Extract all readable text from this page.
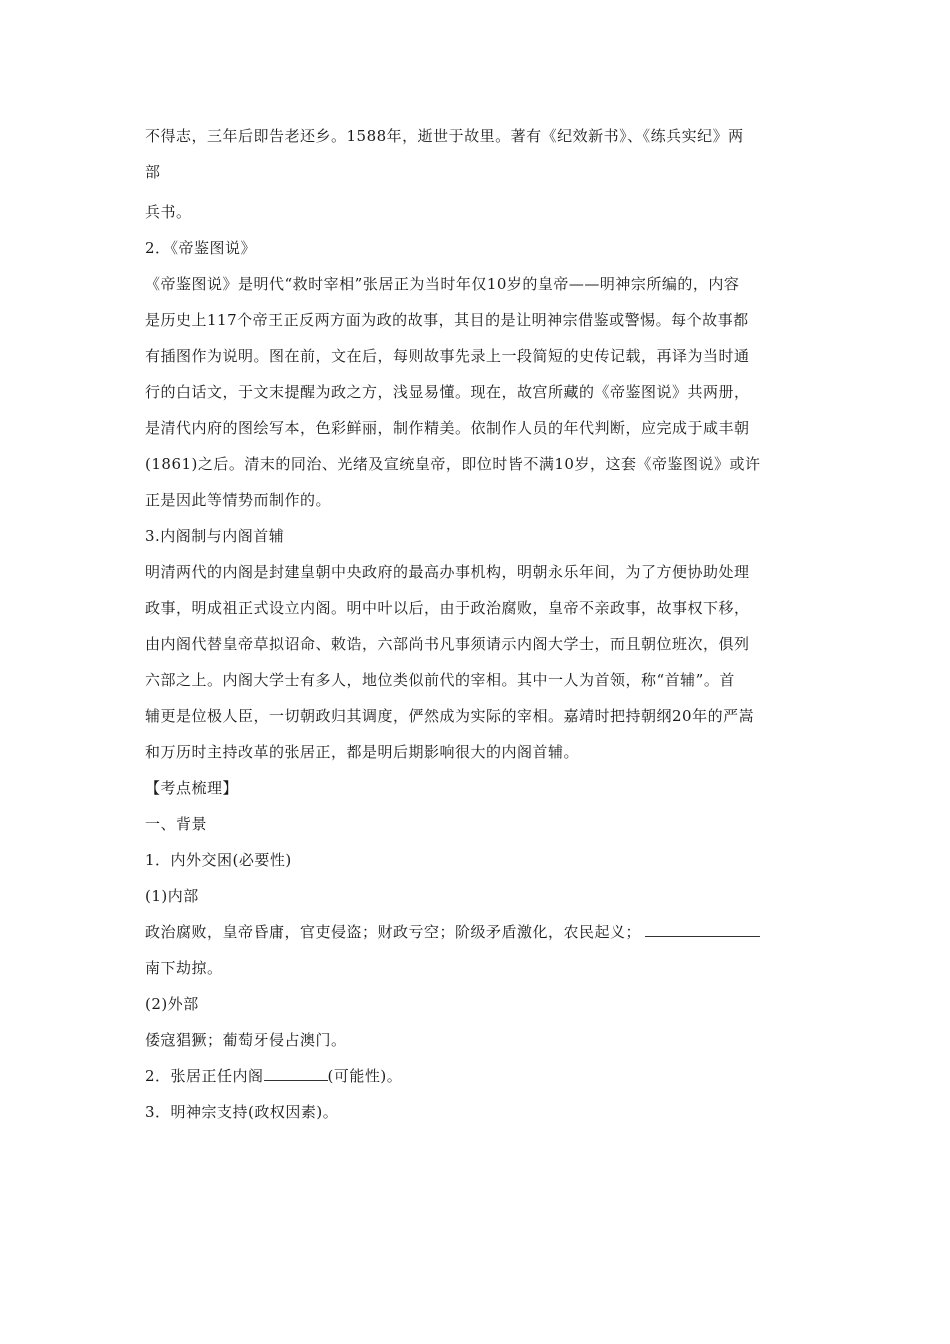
不得志，三年后即告老还乡。1588年，逝世于故里。著有《纪效新书》、《练兵实纪》两
部
兵书。
2．《帝鉴图说》
《帝鉴图说》是明代“救时宰相”张居正为当时年仅10岁的皇帝——明神宗所编的，内容
是历史上117个帝王正反两方面为政的故事，其目的是让明神宗借鉴或警惕。每个故事都
有插图作为说明。图在前，文在后，每则故事先录上一段简短的史传记载，再译为当时通
行的白话文，于文末提醒为政之方，浅显易懂。现在，故宫所藏的《帝鉴图说》共两册，
是清代内府的图绘写本，色彩鲜丽，制作精美。依制作人员的年代判断，应完成于咸丰朝
(1861)之后。清末的同治、光绪及宣统皇帝，即位时皆不满10岁，这套《帝鉴图说》或许
正是因此等情势而制作的。
3.内阁制与内阁首辅
明清两代的内阁是封建皇朝中央政府的最高办事机构，明朝永乐年间，为了方便协助处理
政事，明成祖正式设立内阁。明中叶以后，由于政治腐败，皇帝不亲政事，故事权下移，
由内阁代替皇帝草拟诏命、敕诰，六部尚书凡事须请示内阁大学士，而且朝位班次，俱列
六部之上。内阁大学士有多人，地位类似前代的宰相。其中一人为首领，称“首辅”。首
辅更是位极人臣，一切朝政归其调度，俨然成为实际的宰相。嘉靖时把持朝纲20年的严嵩
和万历时主持改革的张居正，都是明后期影响很大的内阁首辅。
【考点梳理】
一、背景
1．内外交困(必要性)
(1)内部
政治腐败，皇帝昏庸，官吏侵盗；财政亏空；阶级矛盾激化，农民起义；
南下劫掠。
(2)外部
倭寇猖獗；葡萄牙侵占澳门。
2．张居正任内阁	(可能性)。
3．明神宗支持(政权因素)。
